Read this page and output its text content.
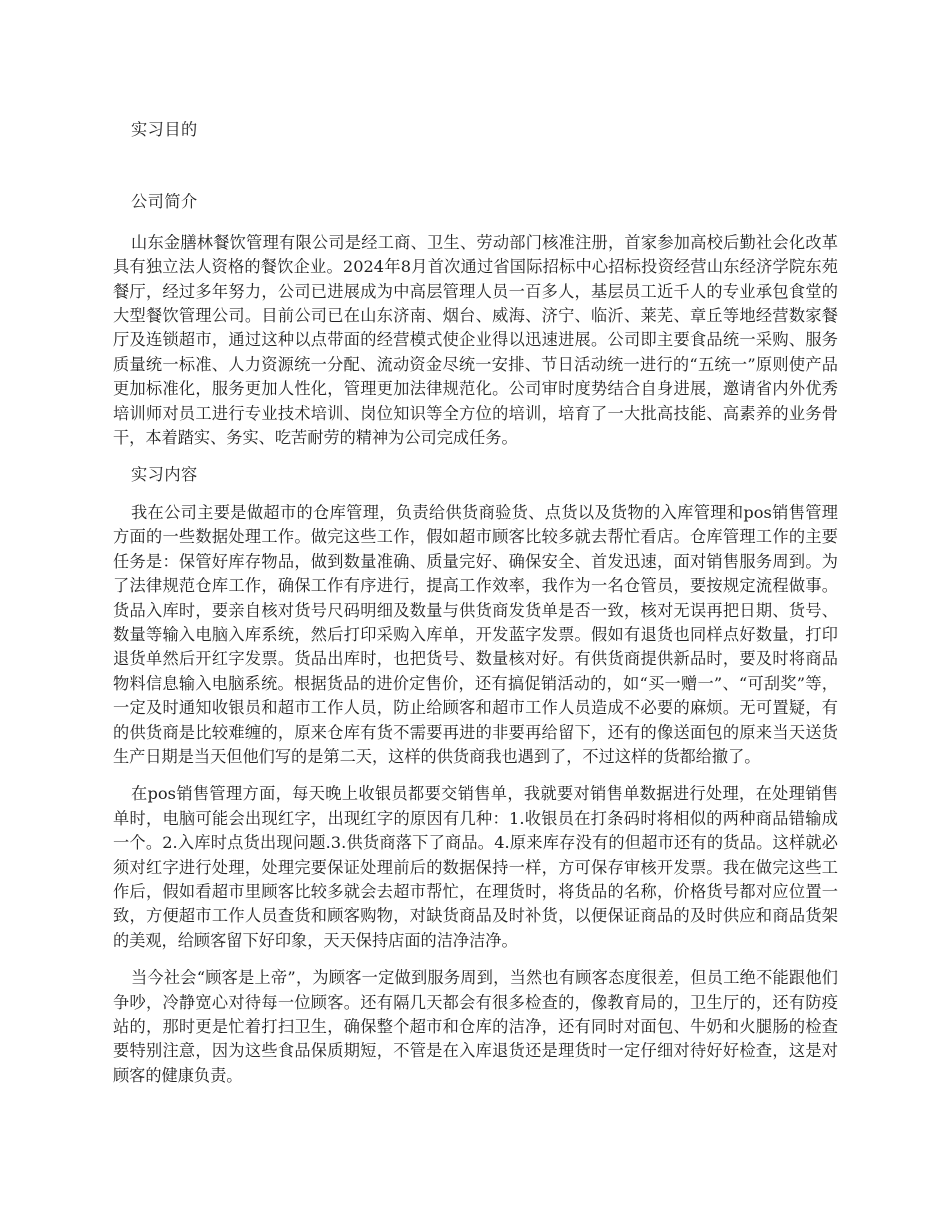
实习目的

公司简介

山东金膳林餐饮管理有限公司是经工商、卫生、劳动部门核准注册，首家参加高校后勤社会化改革具有独立法人资格的餐饮企业。2024年8月首次通过省国际招标中心招标投资经营山东经济学院东苑餐厅，经过多年努力，公司已进展成为中高层管理人员一百多人，基层员工近千人的专业承包食堂的大型餐饮管理公司。目前公司已在山东济南、烟台、威海、济宁、临沂、莱芜、章丘等地经营数家餐厅及连锁超市，通过这种以点带面的经营模式使企业得以迅速进展。公司即主要食品统一采购、服务质量统一标准、人力资源统一分配、流动资金尽统一安排、节日活动统一进行的“五统一”原则使产品更加标准化，服务更加人性化，管理更加法律规范化。公司审时度势结合自身进展，邀请省内外优秀培训师对员工进行专业技术培训、岗位知识等全方位的培训，培育了一大批高技能、高素养的业务骨干，本着踏实、务实、吃苦耐劳的精神为公司完成任务。

实习内容

我在公司主要是做超市的仓库管理，负责给供货商验货、点货以及货物的入库管理和pos销售管理方面的一些数据处理工作。做完这些工作，假如超市顾客比较多就去帮忙看店。仓库管理工作的主要任务是：保管好库存物品，做到数量准确、质量完好、确保安全、首发迅速，面对销售服务周到。为了法律规范仓库工作，确保工作有序进行，提高工作效率，我作为一名仓管员，要按规定流程做事。货品入库时，要亲自核对货号尺码明细及数量与供货商发货单是否一致，核对无误再把日期、货号、数量等输入电脑入库系统，然后打印采购入库单，开发蓝字发票。假如有退货也同样点好数量，打印退货单然后开红字发票。货品出库时，也把货号、数量核对好。有供货商提供新品时，要及时将商品物料信息输入电脑系统。根据货品的进价定售价，还有搞促销活动的，如“买一赠一”、“可刮奖”等，一定及时通知收银员和超市工作人员，防止给顾客和超市工作人员造成不必要的麻烦。无可置疑，有的供货商是比较难缠的，原来仓库有货不需要再进的非要再给留下，还有的像送面包的原来当天送货生产日期是当天但他们写的是第二天，这样的供货商我也遇到了，不过这样的货都给撤了。

在pos销售管理方面，每天晚上收银员都要交销售单，我就要对销售单数据进行处理，在处理销售单时，电脑可能会出现红字，出现红字的原因有几种：1.收银员在打条码时将相似的两种商品错输成一个。2.入库时点货出现问题.3.供货商落下了商品。4.原来库存没有的但超市还有的货品。这样就必须对红字进行处理，处理完要保证处理前后的数据保持一样，方可保存审核开发票。我在做完这些工作后，假如看超市里顾客比较多就会去超市帮忙，在理货时，将货品的名称，价格货号都对应位置一致，方便超市工作人员查货和顾客购物，对缺货商品及时补货，以便保证商品的及时供应和商品货架的美观，给顾客留下好印象，天天保持店面的洁净洁净。

当今社会“顾客是上帝”，为顾客一定做到服务周到，当然也有顾客态度很差，但员工绝不能跟他们争吵，冷静宽心对待每一位顾客。还有隔几天都会有很多检查的，像教育局的，卫生厅的，还有防疫站的，那时更是忙着打扫卫生，确保整个超市和仓库的洁净，还有同时对面包、牛奶和火腿肠的检查要特别注意，因为这些食品保质期短，不管是在入库退货还是理货时一定仔细对待好好检查，这是对顾客的健康负责。
